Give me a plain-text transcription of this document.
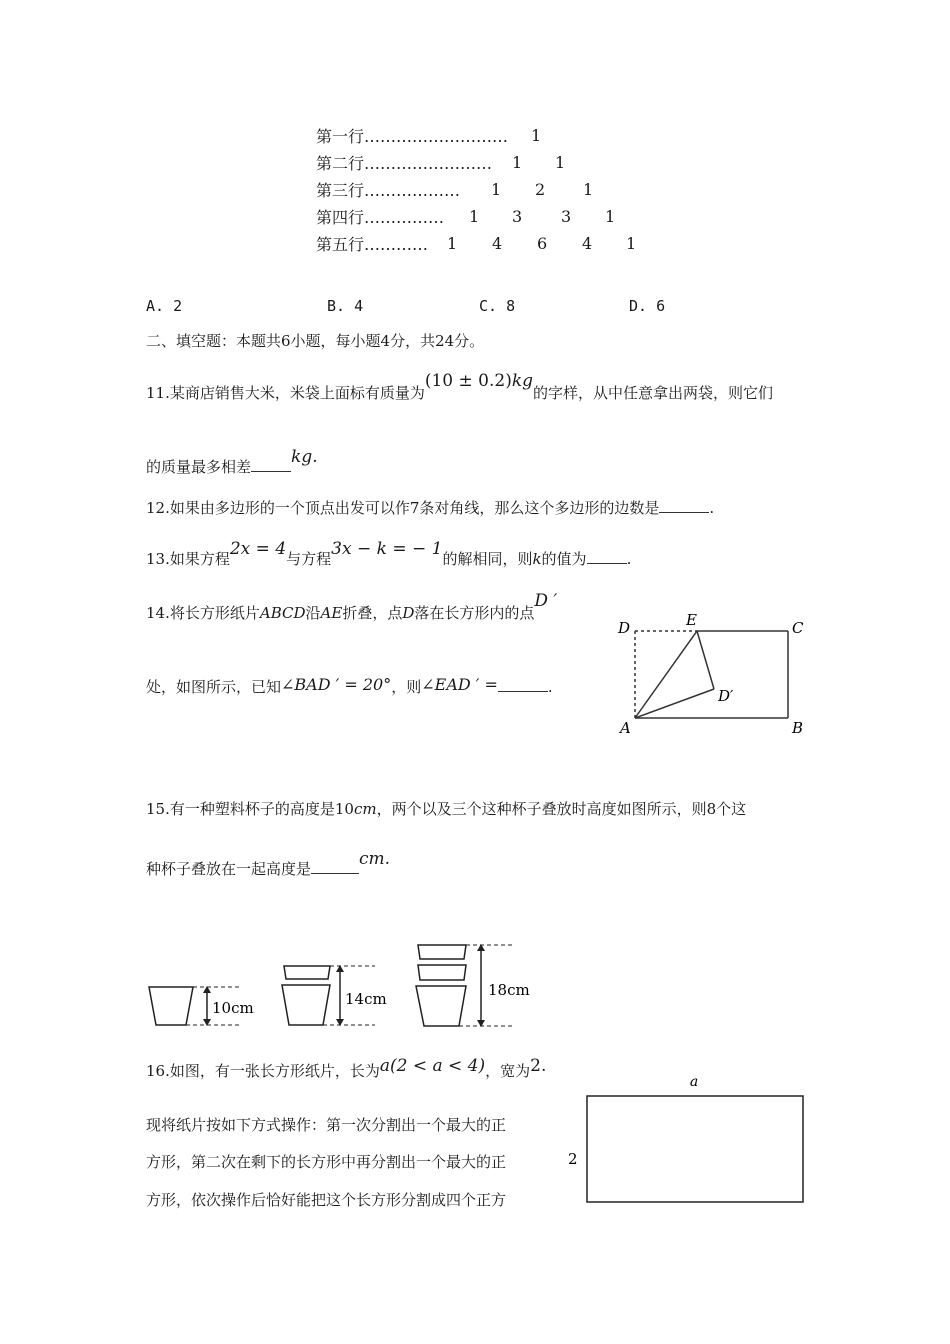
第一行……………………… 1
第二行…………………… 1 1
第三行……………… 1 2 1
第四行…………… 1 3 3 1
第五行………… 1 4 6 4 1
A. 2	B. 4	C. 8	D. 6
二、填空题：本题共6小题，每小题4分，共24分。
11.某商店销售大米，米袋上面标有质量为(10 ± 0.2)kg的字样，从中任意拿出两袋，则它们
的质量最多相差 kg.
12.如果由多边形的一个顶点出发可以作7条对角线，那么这个多边形的边数是	.
13.如果方程2x = 4与方程3x − k = − 1的解相同，则k的值为	.
14.将长方形纸片ABCD沿AE折叠，点D落在长方形内的点D ′
处，如图所示，已知∠BAD ′ = 20°，则∠EAD ′ =	.
D	E	C
D′
A	B
15.有一种塑料杯子的高度是10cm，两个以及三个这种杯子叠放时高度如图所示，则8个这
种杯子叠放在一起高度是	cm.
10cm	14cm	18cm
16.如图，有一张长方形纸片，长为a(2 < a < 4)，宽为2.
现将纸片按如下方式操作：第一次分割出一个最大的正
方形，第二次在剩下的长方形中再分割出一个最大的正
方形，依次操作后恰好能把这个长方形分割成四个正方
a
2
